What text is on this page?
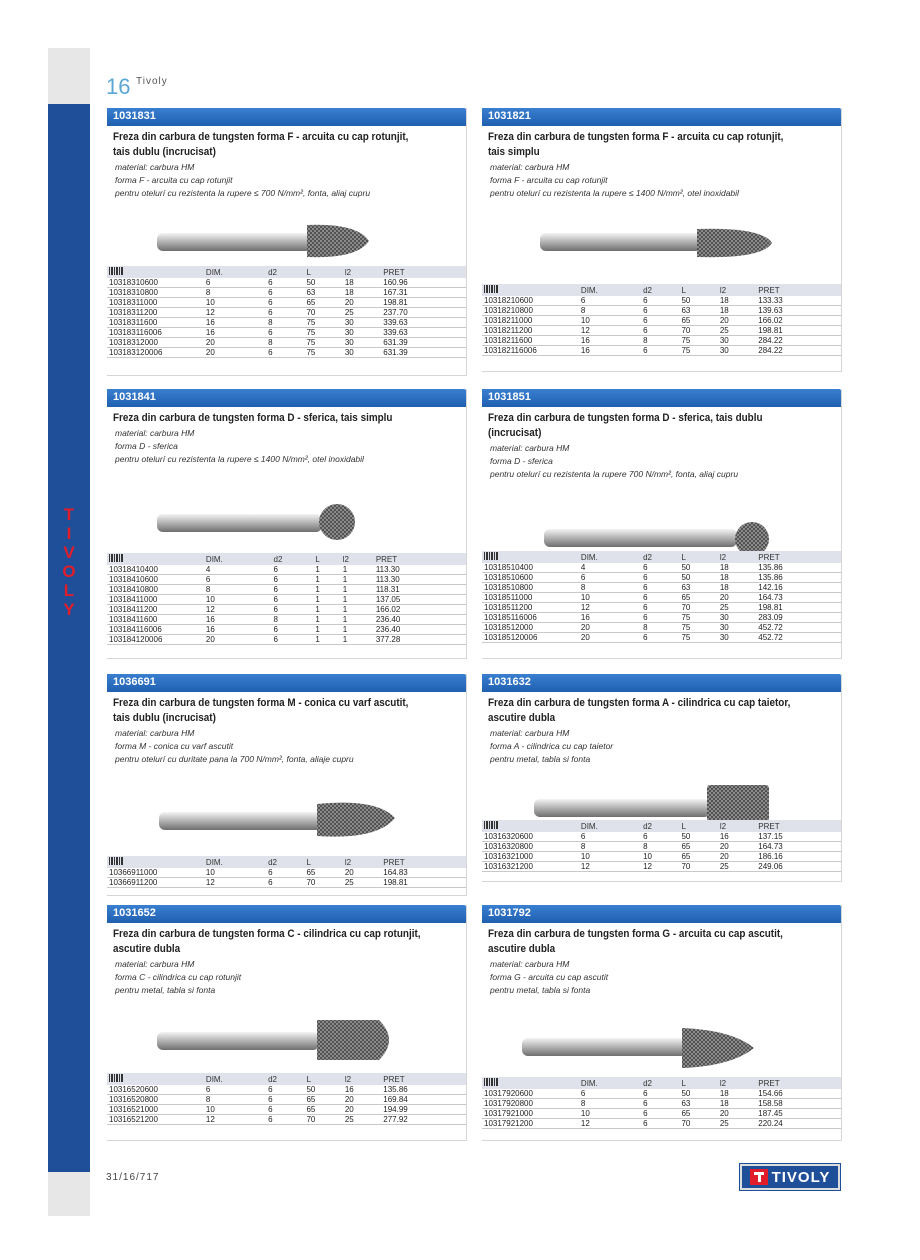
T
I
V
O
L
Y
16 Tivoly
31/16/717	TIVOLY
1031831
Freza din carbura de tungsten forma F - arcuita cu cap rotunjit, tais dublu (incrucisat)
material: carbura HM
forma F - arcuita cu cap rotunjit
pentru otelurí cu rezistenta la rupere ≤ 700 N/mm², fonta, aliaj cupru
	DIM.	d2	L	l2	PRET
10318310600	6	6	50	18	160.96
10318310800	8	6	63	18	167.31
10318311000	10	6	65	20	198.81
10318311200	12	6	70	25	237.70
10318311600	16	8	75	30	339.63
103183116006	16	6	75	30	339.63
10318312000	20	8	75	30	631.39
103183120006	20	6	75	30	631.39
1031821
Freza din carbura de tungsten forma F - arcuita cu cap rotunjit, tais simplu
material: carbura HM
forma F - arcuita cu cap rotunjit
pentru otelurí cu rezistenta la rupere ≤ 1400 N/mm², otel inoxidabil
	DIM.	d2	L	l2	PRET
10318210600	6	6	50	18	133.33
10318210800	8	6	63	18	139.63
10318211000	10	6	65	20	166.02
10318211200	12	6	70	25	198.81
10318211600	16	8	75	30	284.22
103182116006	16	6	75	30	284.22
1031841
Freza din carbura de tungsten forma D - sferica, tais simplu
material: carbura HM
forma D - sferica
pentru otelurí cu rezistenta la rupere ≤ 1400 N/mm², otel inoxidabil
	DIM.	d2	L	l2	PRET
10318410400	4	6	1	1	113.30
10318410600	6	6	1	1	113.30
10318410800	8	6	1	1	118.31
10318411000	10	6	1	1	137.05
10318411200	12	6	1	1	166.02
10318411600	16	8	1	1	236.40
103184116006	16	6	1	1	236.40
103184120006	20	6	1	1	377.28
1031851
Freza din carbura de tungsten forma D - sferica, tais dublu (incrucisat)
material: carbura HM
forma D - sferica
pentru otelurí cu rezistenta la rupere 700 N/mm², fonta, aliaj cupru
	DIM.	d2	L	l2	PRET
10318510400	4	6	50	18	135.86
10318510600	6	6	50	18	135.86
10318510800	8	6	63	18	142.16
10318511000	10	6	65	20	164.73
10318511200	12	6	70	25	198.81
103185116006	16	6	75	30	283.09
10318512000	20	8	75	30	452.72
103185120006	20	6	75	30	452.72
1036691
Freza din carbura de tungsten forma M - conica cu varf ascutit, tais dublu (incrucisat)
material: carbura HM
forma M - conica cu varf ascutit
pentru otelurí cu duritate pana la 700 N/mm², fonta, aliaje cupru
	DIM.	d2	L	l2	PRET
10366911000	10	6	65	20	164.83
10366911200	12	6	70	25	198.81
1031632
Freza din carbura de tungsten forma A - cilindrica cu cap taietor, ascutire dubla
material: carbura HM
forma A - cilindrica cu cap taietor
pentru metal, tabla si fonta
	DIM.	d2	L	l2	PRET
10316320600	6	6	50	16	137.15
10316320800	8	8	65	20	164.73
10316321000	10	10	65	20	186.16
10316321200	12	12	70	25	249.06
1031652
Freza din carbura de tungsten forma C - cilindrica cu cap rotunjit, ascutire dubla
material: carbura HM
forma C - cilindrica cu cap rotunjit
pentru metal, tabla si fonta
	DIM.	d2	L	l2	PRET
10316520600	6	6	50	16	135.86
10316520800	8	6	65	20	169.84
10316521000	10	6	65	20	194.99
10316521200	12	6	70	25	277.92
1031792
Freza din carbura de tungsten forma G - arcuita cu cap ascutit, ascutire dubla
material: carbura HM
forma G - arcuita cu cap ascutit
pentru metal, tabla si fonta
	DIM.	d2	L	l2	PRET
10317920600	6	6	50	18	154.66
10317920800	8	6	63	18	158.58
10317921000	10	6	65	20	187.45
10317921200	12	6	70	25	220.24
